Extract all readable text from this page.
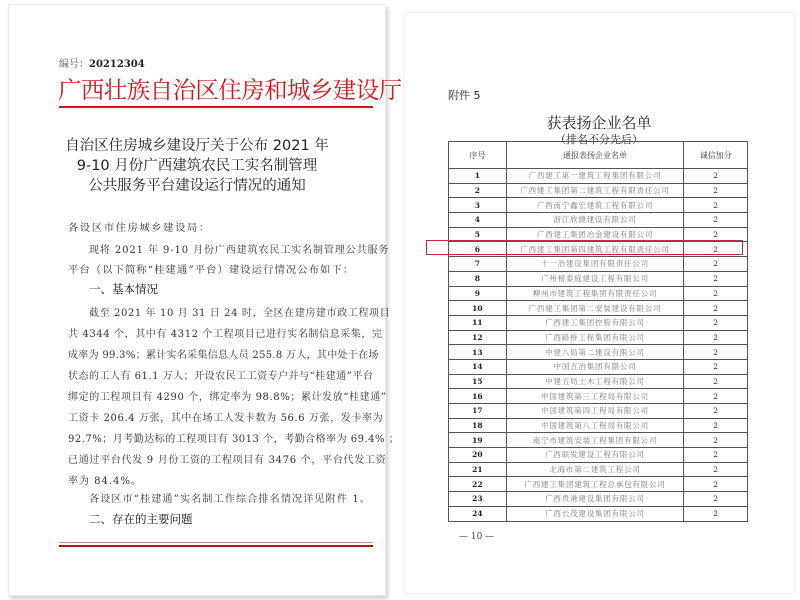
编号：20212304
广西壮族自治区住房和城乡建设厅
自治区住房城乡建设厅关于公布 2021 年
9-10 月份广西建筑农民工实名制管理
公共服务平台建设运行情况的通知
各设区市住房城乡建设局：
现将 2021 年 9-10 月份广西建筑农民工实名制管理公共服务
平台（以下简称“桂建通”平台）建设运行情况公布如下：
一、基本情况
截至 2021 年 10 月 31 日 24 时，全区在建房建市政工程项目
共 4344 个，其中有 4312 个工程项目已进行实名制信息采集，完
成率为 99.3%；累计实名采集信息人员 255.8 万人，其中处于在场
状态的工人有 61.1 万人；开设农民工工资专户并与“桂建通”平台
绑定的工程项目有 4290 个，绑定率为 98.8%；累计发放“桂建通”
工资卡 206.4 万张，其中在场工人发卡数为 56.6 万张，发卡率为
92.7%；月考勤达标的工程项目有 3013 个，考勤合格率为 69.4% ；
已通过平台代发 9 月份工资的工程项目有 3476 个，平台代发工资
率为 84.4%。
各设区市“桂建通”实名制工作综合排名情况详见附件 1。
二、存在的主要问题
附件 5
获表扬企业名单
（排名不分先后）
序号	通报表扬企业名单	诚信加分
1	广西建工第一建筑工程集团有限公司	2
2	广西建工集团第二建筑工程有限责任公司	2
3	广西南宁鑫宏建筑工程有限公司	2
4	浙江欣捷建设有限公司	2
5	广西建工集团冶金建设有限公司	2
6	广西建工集团第四建筑工程有限责任公司	2
7	十一冶建设集团有限责任公司	2
8	广州榜泰庭建设工程有限公司	2
9	柳州市建筑工程集团有限责任公司	2
10	广西建工集团第二安装建设有限公司	2
11	广西建工集团控股有限公司	2
12	广西路桥工程集团有限公司	2
13	中建八局第二建设有限公司	2
14	中国五冶集团有限公司	2
15	中建五局土木工程有限公司	2
16	中国建筑第三工程局有限公司	2
17	中国建筑第四工程局有限公司	2
18	中国建筑第八工程局有限公司	2
19	南宁市建筑安装工程集团有限公司	2
20	广西联发建设工程有限公司	2
21	北海市第二建筑工程公司	2
22	广西建工集团建筑工程总承包有限公司	2
23	广西贵港建设集团有限公司	2
24	广西长茂建设集团有限公司	2
— 10 —
